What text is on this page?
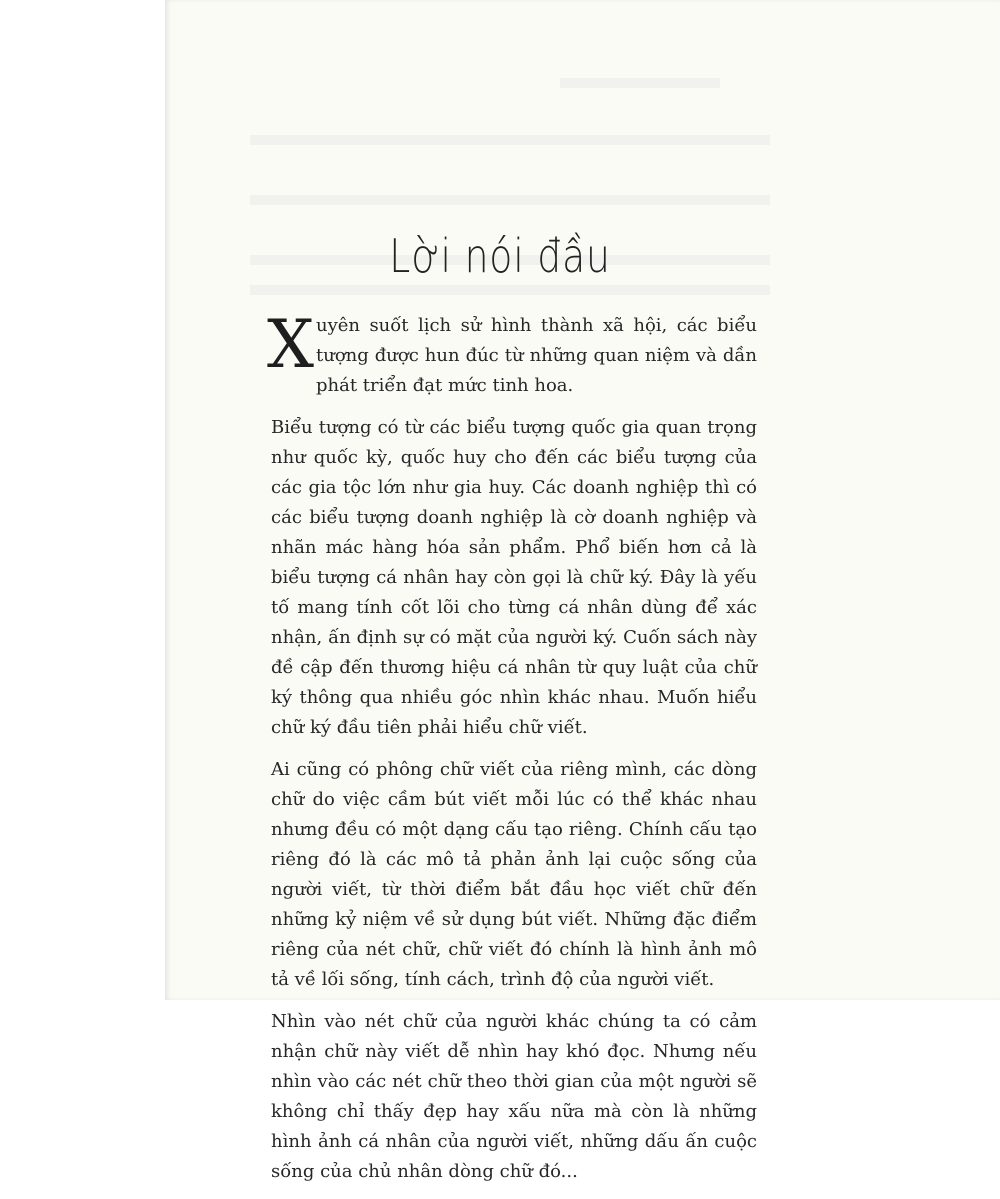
Lời nói đầu

Xuyên suốt lịch sử hình thành xã hội, các biểu tượng được hun đúc từ những quan niệm và dần phát triển đạt mức tinh hoa.

Biểu tượng có từ các biểu tượng quốc gia quan trọng như quốc kỳ, quốc huy cho đến các biểu tượng của các gia tộc lớn như gia huy. Các doanh nghiệp thì có các biểu tượng doanh nghiệp là cờ doanh nghiệp và nhãn mác hàng hóa sản phẩm. Phổ biến hơn cả là biểu tượng cá nhân hay còn gọi là chữ ký. Đây là yếu tố mang tính cốt lõi cho từng cá nhân dùng để xác nhận, ấn định sự có mặt của người ký. Cuốn sách này đề cập đến thương hiệu cá nhân từ quy luật của chữ ký thông qua nhiều góc nhìn khác nhau. Muốn hiểu chữ ký đầu tiên phải hiểu chữ viết.

Ai cũng có phông chữ viết của riêng mình, các dòng chữ do việc cầm bút viết mỗi lúc có thể khác nhau nhưng đều có một dạng cấu tạo riêng. Chính cấu tạo riêng đó là các mô tả phản ảnh lại cuộc sống của người viết, từ thời điểm bắt đầu học viết chữ đến những kỷ niệm về sử dụng bút viết. Những đặc điểm riêng của nét chữ, chữ viết đó chính là hình ảnh mô tả về lối sống, tính cách, trình độ của người viết.

Nhìn vào nét chữ của người khác chúng ta có cảm nhận chữ này viết dễ nhìn hay khó đọc. Nhưng nếu nhìn vào các nét chữ theo thời gian của một người sẽ không chỉ thấy đẹp hay xấu nữa mà còn là những hình ảnh cá nhân của người viết, những dấu ấn cuộc sống của chủ nhân dòng chữ đó...
